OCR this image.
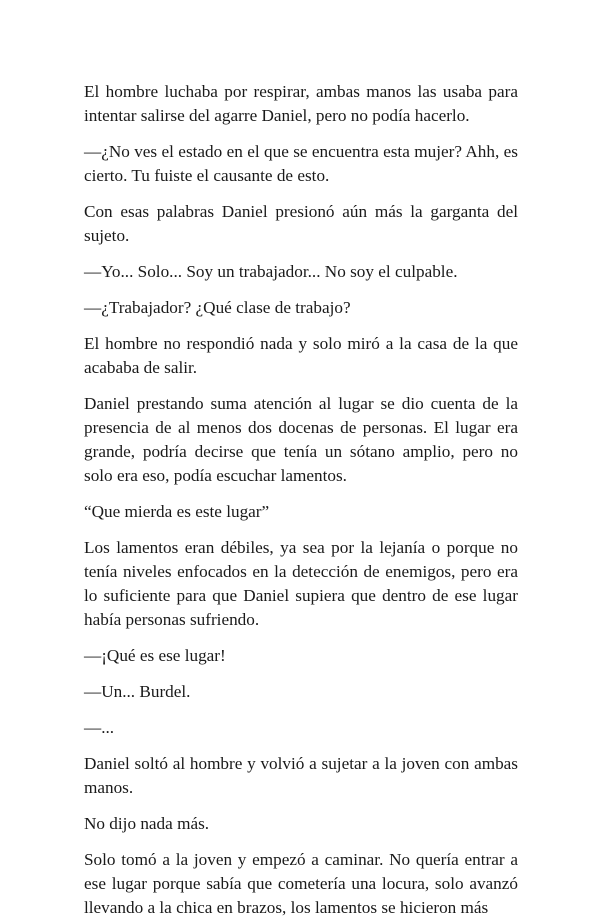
El hombre luchaba por respirar, ambas manos las usaba para intentar salirse del agarre Daniel, pero no podía hacerlo.

—¿No ves el estado en el que se encuentra esta mujer? Ahh, es cierto. Tu fuiste el causante de esto.

Con esas palabras Daniel presionó aún más la garganta del sujeto.

—Yo... Solo... Soy un trabajador... No soy el culpable.

—¿Trabajador? ¿Qué clase de trabajo?

El hombre no respondió nada y solo miró a la casa de la que acababa de salir.

Daniel prestando suma atención al lugar se dio cuenta de la presencia de al menos dos docenas de personas. El lugar era grande, podría decirse que tenía un sótano amplio, pero no solo era eso, podía escuchar lamentos.

“Que mierda es este lugar”

Los lamentos eran débiles, ya sea por la lejanía o porque no tenía niveles enfocados en la detección de enemigos, pero era lo suficiente para que Daniel supiera que dentro de ese lugar había personas sufriendo.

—¡Qué es ese lugar!

—Un... Burdel.

—...

Daniel soltó al hombre y volvió a sujetar a la joven con ambas manos.

No dijo nada más.

Solo tomó a la joven y empezó a caminar. No quería entrar a ese lugar porque sabía que cometería una locura, solo avanzó llevando a la chica en brazos, los lamentos se hicieron más
